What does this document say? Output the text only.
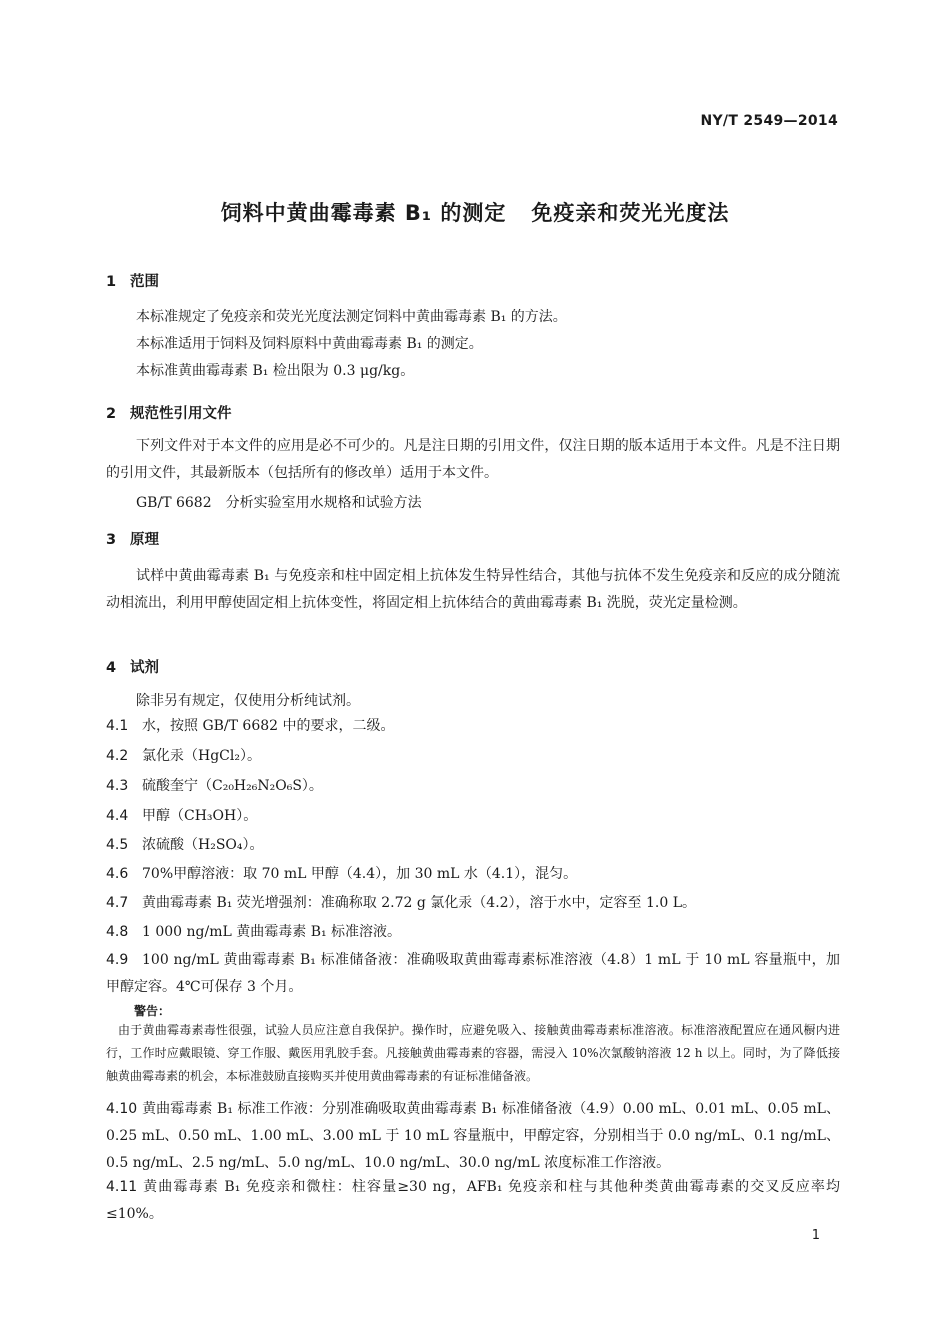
NY/T 2549—2014
饲料中黄曲霉毒素 B₁ 的测定   免疫亲和荧光光度法
1 范围
本标准规定了免疫亲和荧光光度法测定饲料中黄曲霉毒素 B₁ 的方法。
本标准适用于饲料及饲料原料中黄曲霉毒素 B₁ 的测定。
本标准黄曲霉毒素 B₁ 检出限为 0.3 μg/kg。
2 规范性引用文件
下列文件对于本文件的应用是必不可少的。凡是注日期的引用文件，仅注日期的版本适用于本文件。凡是不注日期的引用文件，其最新版本（包括所有的修改单）适用于本文件。
GB/T 6682　分析实验室用水规格和试验方法
3 原理
试样中黄曲霉毒素 B₁ 与免疫亲和柱中固定相上抗体发生特异性结合，其他与抗体不发生免疫亲和反应的成分随流动相流出，利用甲醇使固定相上抗体变性，将固定相上抗体结合的黄曲霉毒素 B₁ 洗脱，荧光定量检测。
4 试剂
除非另有规定，仅使用分析纯试剂。
4.1 水，按照 GB/T 6682 中的要求，二级。
4.2 氯化汞（HgCl₂）。
4.3 硫酸奎宁（C₂₀H₂₆N₂O₆S）。
4.4 甲醇（CH₃OH）。
4.5 浓硫酸（H₂SO₄）。
4.6 70%甲醇溶液：取 70 mL 甲醇（4.4），加 30 mL 水（4.1），混匀。
4.7 黄曲霉毒素 B₁ 荧光增强剂：准确称取 2.72 g 氯化汞（4.2），溶于水中，定容至 1.0 L。
4.8 1 000 ng/mL 黄曲霉毒素 B₁ 标准溶液。
4.9 100 ng/mL 黄曲霉毒素 B₁ 标准储备液：准确吸取黄曲霉毒素标准溶液（4.8）1 mL 于 10 mL 容量瓶中，加甲醇定容。4℃可保存 3 个月。
警告：
由于黄曲霉毒素毒性很强，试验人员应注意自我保护。操作时，应避免吸入、接触黄曲霉毒素标准溶液。标准溶液配置应在通风橱内进行，工作时应戴眼镜、穿工作服、戴医用乳胶手套。凡接触黄曲霉毒素的容器，需浸入 10%次氯酸钠溶液 12 h 以上。同时，为了降低接触黄曲霉毒素的机会，本标准鼓励直接购买并使用黄曲霉毒素的有证标准储备液。
4.10 黄曲霉毒素 B₁ 标准工作液：分别准确吸取黄曲霉毒素 B₁ 标准储备液（4.9）0.00 mL、0.01 mL、0.05 mL、0.25 mL、0.50 mL、1.00 mL、3.00 mL 于 10 mL 容量瓶中，甲醇定容，分别相当于 0.0 ng/mL、0.1 ng/mL、0.5 ng/mL、2.5 ng/mL、5.0 ng/mL、10.0 ng/mL、30.0 ng/mL 浓度标准工作溶液。
4.11 黄曲霉毒素 B₁ 免疫亲和微柱：柱容量≥30 ng，AFB₁ 免疫亲和柱与其他种类黄曲霉毒素的交叉反应率均≤10%。
1
